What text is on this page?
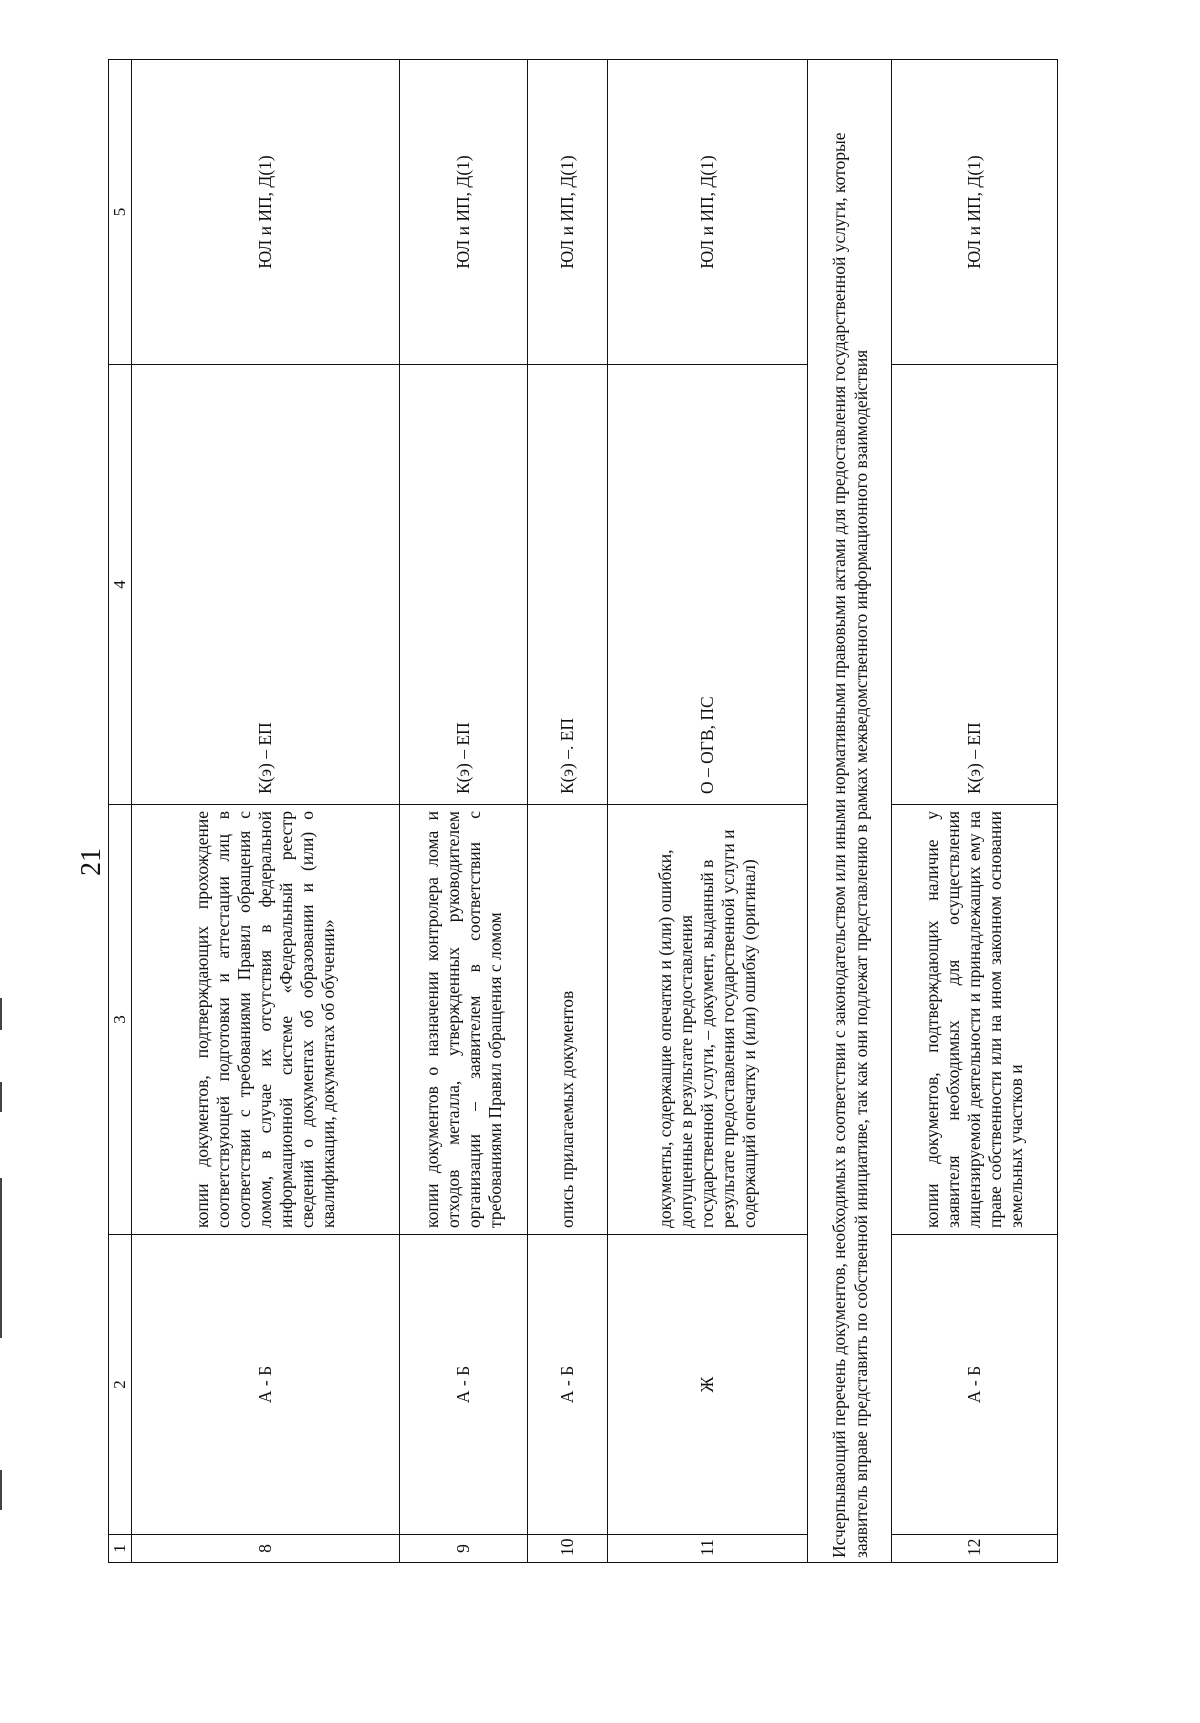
21
1	2	3	4	5
8	А - Б	копии документов, подтверждающих прохождение соответствующей подготовки и аттестации лиц в соответствии с требованиями Правил обращения с ломом, в случае их отсутствия в федеральной информационной системе «Федеральный реестр сведений о документах об образовании и (или) о квалификации, документах об обучении»	К(э) – ЕП	ЮЛ и ИП, Д(1)
9	А - Б	копии документов о назначении контролера лома и отходов металла, утвержденных руководителем организации – заявителем в соответствии с требованиями Правил обращения с ломом	К(э) – ЕП	ЮЛ и ИП, Д(1)
10	А - Б	опись прилагаемых документов	К(э) –. ЕП	ЮЛ и ИП, Д(1)
11	Ж	документы, содержащие опечатки и (или) ошибки, допущенные в результате предоставления государственной услуги, – документ, выданный в результате предоставления государственной услуги и содержащий опечатку и (или) ошибку (оригинал)	О – ОГВ, ПС	ЮЛ и ИП, Д(1)
Исчерпывающий перечень документов, необходимых в соответствии с законодательством или иными нормативными правовыми актами для предоставления государственной услуги, которые заявитель вправе представить по собственной инициативе, так как они подлежат представлению в рамках межведомственного информационного взаимодействия				
12	А - Б	копии документов, подтверждающих наличие у заявителя необходимых для осуществления лицензируемой деятельности и принадлежащих ему на праве собственности или на ином законном основании земельных участков и	К(э) – ЕП	ЮЛ и ИП, Д(1)
